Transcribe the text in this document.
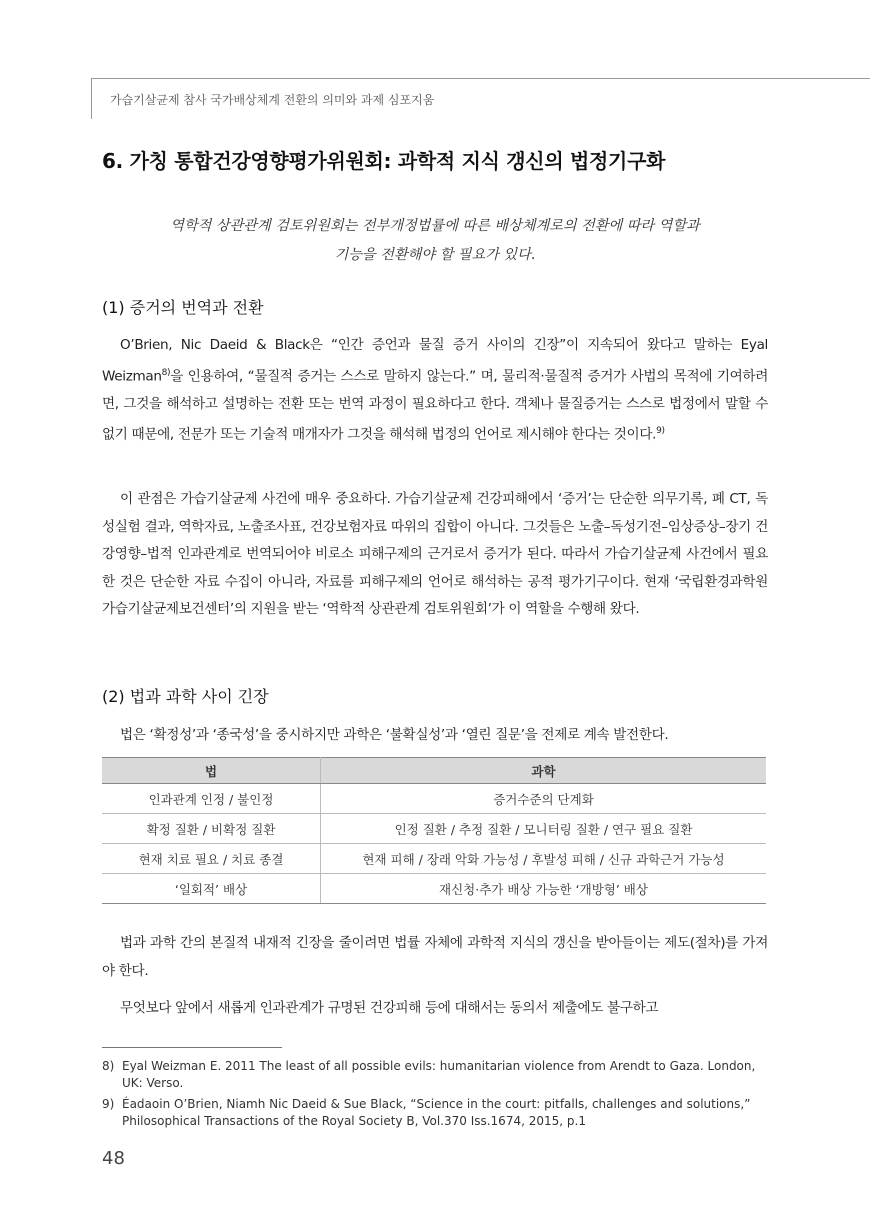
가습기살균제 참사 국가배상체계 전환의 의미와 과제 심포지움
6. 가칭 통합건강영향평가위원회: 과학적 지식 갱신의 법정기구화
역학적 상관관계 검토위원회는 전부개정법률에 따른 배상체계로의 전환에 따라 역할과
기능을 전환해야 할 필요가 있다.
(1) 증거의 번역과 전환

O’Brien, Nic Daeid & Black은 “인간 증언과 물질 증거 사이의 긴장”이 지속되어 왔다고 말하는 Eyal Weizman$^{8)}$을 인용하여, “물질적 증거는 스스로 말하지 않는다.” 며, 물리적·물질적 증거가 사법의 목적에 기여하려면, 그것을 해석하고 설명하는 전환 또는 번역 과정이 필요하다고 한다. 객체나 물질증거는 스스로 법정에서 말할 수 없기 때문에, 전문가 또는 기술적 매개자가 그것을 해석해 법정의 언어로 제시해야 한다는 것이다.$^{9)}$

이 관점은 가습기살균제 사건에 매우 중요하다. 가습기살균제 건강피해에서 ‘증거’는 단순한 의무기록, 폐 CT, 독성실험 결과, 역학자료, 노출조사표, 건강보험자료 따위의 집합이 아니다. 그것들은 노출–독성기전–임상증상–장기 건강영향–법적 인과관계로 번역되어야 비로소 피해구제의 근거로서 증거가 된다. 따라서 가습기살균제 사건에서 필요한 것은 단순한 자료 수집이 아니라, 자료를 피해구제의 언어로 해석하는 공적 평가기구이다. 현재 ‘국립환경과학원 가습기살균제보건센터’의 지원을 받는 ‘역학적 상관관계 검토위원회’가 이 역할을 수행해 왔다.

(2) 법과 과학 사이 긴장

법은 ‘확정성’과 ‘종국성’을 중시하지만 과학은 ‘불확실성’과 ‘열린 질문’을 전제로 계속 발전한다.

법	과학
인과관계 인정 / 불인정	증거수준의 단계화
확정 질환 / 비확정 질환	인정 질환 / 추정 질환 / 모니터링 질환 / 연구 필요 질환
현재 치료 필요 / 치료 종결	현재 피해 / 장래 악화 가능성 / 후발성 피해 / 신규 과학근거 가능성
‘일회적’ 배상	재신청·추가 배상 가능한 ‘개방형’ 배상

법과 과학 간의 본질적 내재적 긴장을 줄이려면 법률 자체에 과학적 지식의 갱신을 받아들이는 제도(절차)를 가져야 한다.

무엇보다 앞에서 새롭게 인과관계가 규명된 건강피해 등에 대해서는 동의서 제출에도 불구하고

8) Eyal Weizman E. 2011 The least of all possible evils: humanitarian violence from Arendt to Gaza. London, UK: Verso.
9) Éadaoin O’Brien, Niamh Nic Daeid & Sue Black, “Science in the court: pitfalls, challenges and solutions,” Philosophical Transactions of the Royal Society B, Vol.370 Iss.1674, 2015, p.1
48
